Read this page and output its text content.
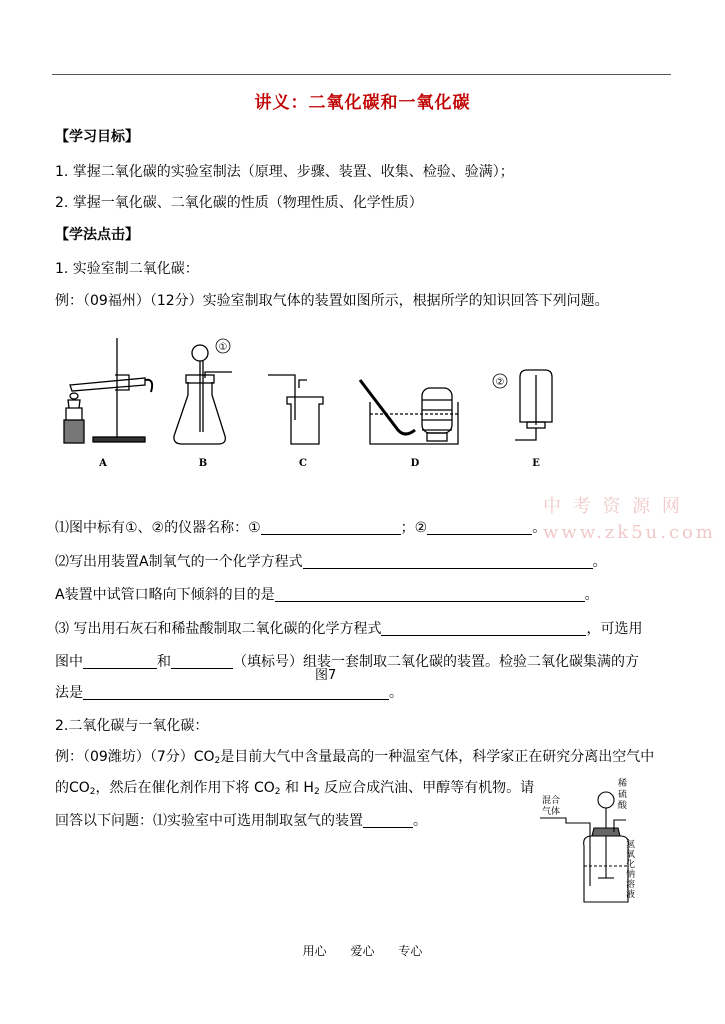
讲义：二氧化碳和一氧化碳
【学习目标】
1. 掌握二氧化碳的实验室制法（原理、步骤、装置、收集、检验、验满）；
2. 掌握一氧化碳、二氧化碳的性质（物理性质、化学性质）
【学法点击】
1. 实验室制二氧化碳：
例：（09福州）（12分）实验室制取气体的装置如图所示，根据所学的知识回答下列问题。
①
②
A	B	C	D	E
中 考 资 源 网
www.zk5u.com
⑴图中标有①、②的仪器名称：①	；②	。
⑵写出用装置A制氧气的一个化学方程式	。
A装置中试管口略向下倾斜的目的是	。
⑶ 写出用石灰石和稀盐酸制取二氧化碳的化学方程式	，可选用
图中	和	（填标号）组装一套制取二氧化碳的装置。检验二氧化碳集满的方
图7
法是	。
2.二氧化碳与一氧化碳：
例：（09潍坊）（7分）$CO_2$是目前大气中含量最高的一种温室气体，科学家正在研究分离出空气中
的$CO_2$，然后在催化剂作用下将 $CO_2$ 和 $H_2$ 反应合成汽油、甲醇等有机物。请
回答以下问题：⑴实验室中可选用制取氢气的装置	。
混合
气体
稀
硫
酸
氢
氧
化
钠
溶
液
用心 爱心 专心
